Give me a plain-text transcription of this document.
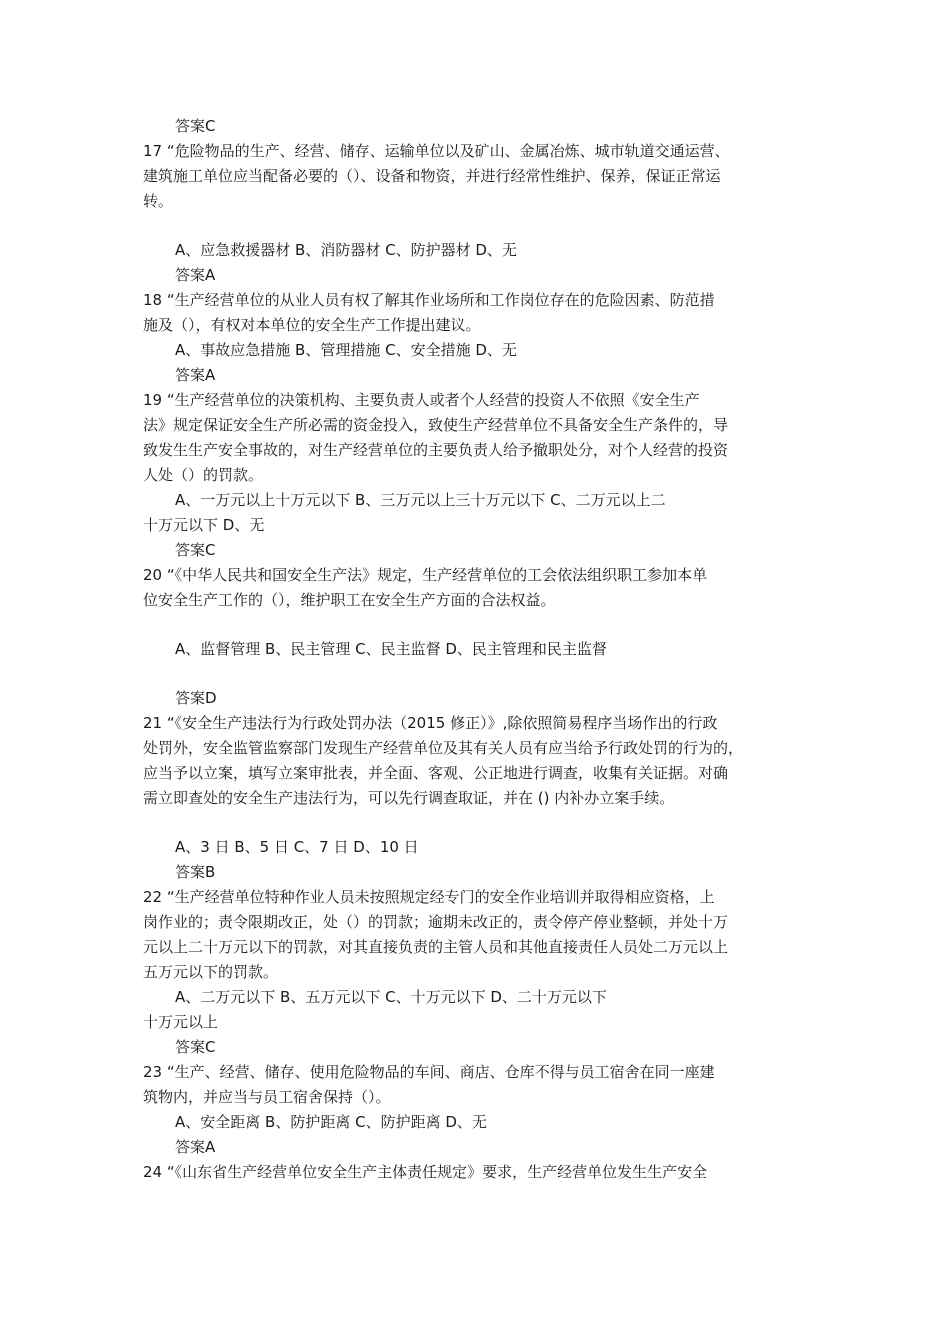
答案C
17 “危险物品的生产、经营、储存、运输单位以及矿山、金属冶炼、城市轨道交通运营、
建筑施工单位应当配备必要的（）、设备和物资，并进行经常性维护、保养，保证正常运
转。
A、应急救援器材 B、消防器材 C、防护器材 D、无
答案A
18 “生产经营单位的从业人员有权了解其作业场所和工作岗位存在的危险因素、防范措
施及（），有权对本单位的安全生产工作提出建议。
A、事故应急措施 B、管理措施 C、安全措施 D、无
答案A
19 “生产经营单位的决策机构、主要负责人或者个人经营的投资人不依照《安全生产
法》规定保证安全生产所必需的资金投入，致使生产经营单位不具备安全生产条件的，导
致发生生产安全事故的，对生产经营单位的主要负责人给予撤职处分，对个人经营的投资
人处（）的罚款。
A、一万元以上十万元以下 B、三万元以上三十万元以下 C、二万元以上二
十万元以下 D、无
答案C
20 “《中华人民共和国安全生产法》规定，生产经营单位的工会依法组织职工参加本单
位安全生产工作的（），维护职工在安全生产方面的合法权益。
A、监督管理 B、民主管理 C、民主监督 D、民主管理和民主监督
答案D
21 “《安全生产违法行为行政处罚办法（2015 修正）》,除依照简易程序当场作出的行政
处罚外，安全监管监察部门发现生产经营单位及其有关人员有应当给予行政处罚的行为的，
应当予以立案，填写立案审批表，并全面、客观、公正地进行调查，收集有关证据。对确
需立即查处的安全生产违法行为，可以先行调查取证，并在 () 内补办立案手续。
A、3 日 B、5 日 C、7 日 D、10 日
答案B
22 “生产经营单位特种作业人员未按照规定经专门的安全作业培训并取得相应资格，上
岗作业的；责令限期改正，处（）的罚款；逾期未改正的，责令停产停业整顿，并处十万
元以上二十万元以下的罚款，对其直接负责的主管人员和其他直接责任人员处二万元以上
五万元以下的罚款。
A、二万元以下 B、五万元以下 C、十万元以下 D、二十万元以下
十万元以上
答案C
23 “生产、经营、储存、使用危险物品的车间、商店、仓库不得与员工宿舍在同一座建
筑物内，并应当与员工宿舍保持（）。
A、安全距离 B、防护距离 C、防护距离 D、无
答案A
24 “《山东省生产经营单位安全生产主体责任规定》要求，生产经营单位发生生产安全
